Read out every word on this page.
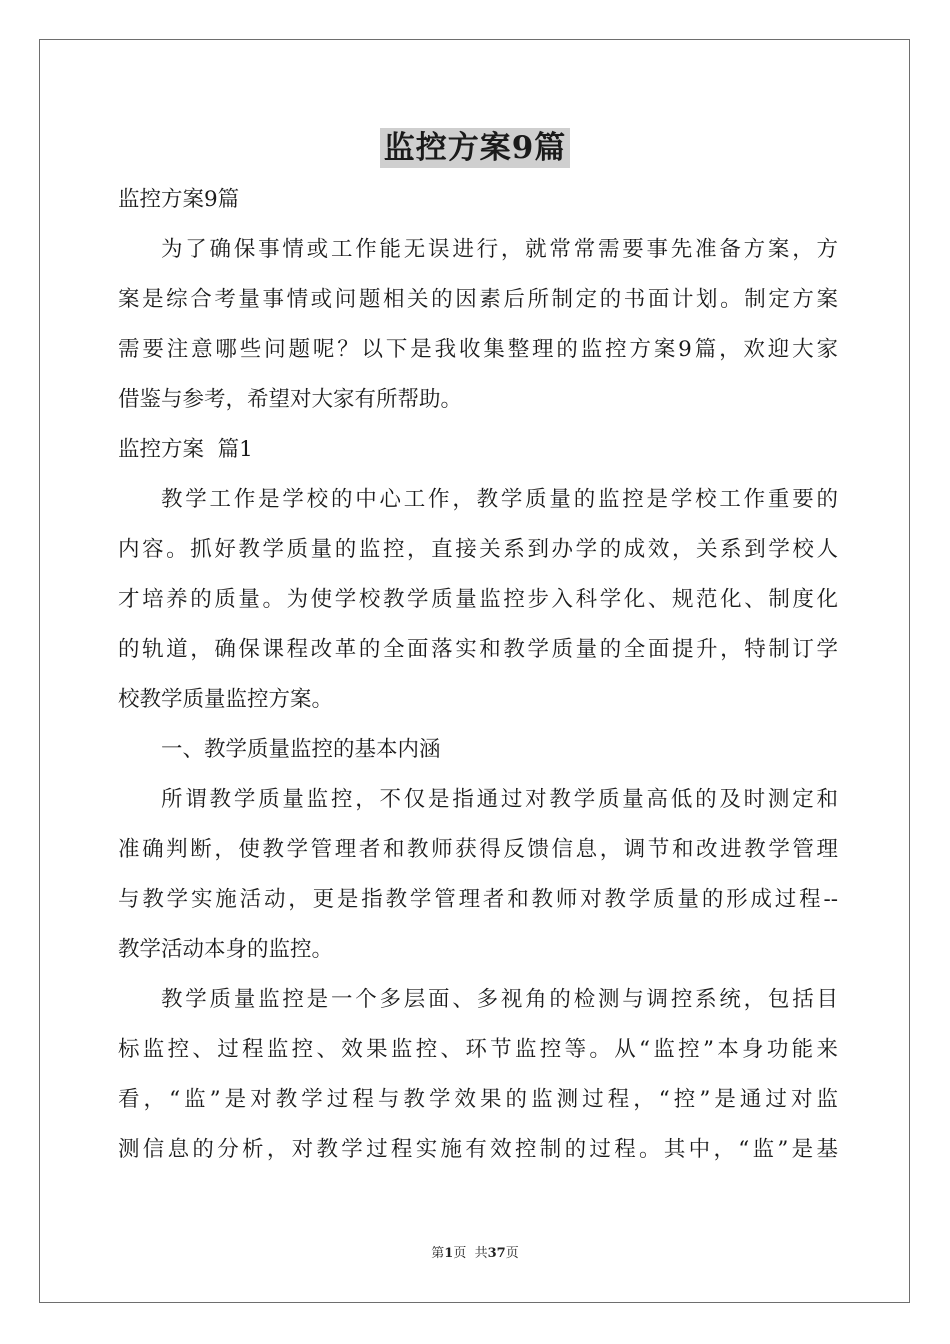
监控方案9篇
监控方案9篇
为了确保事情或工作能无误进行，就常常需要事先准备方案，方
案是综合考量事情或问题相关的因素后所制定的书面计划。制定方案
需要注意哪些问题呢？以下是我收集整理的监控方案9篇，欢迎大家
借鉴与参考，希望对大家有所帮助。
监控方案  篇1
教学工作是学校的中心工作，教学质量的监控是学校工作重要的
内容。抓好教学质量的监控，直接关系到办学的成效，关系到学校人
才培养的质量。为使学校教学质量监控步入科学化、规范化、制度化
的轨道，确保课程改革的全面落实和教学质量的全面提升，特制订学
校教学质量监控方案。
一、教学质量监控的基本内涵
所谓教学质量监控，不仅是指通过对教学质量高低的及时测定和
准确判断，使教学管理者和教师获得反馈信息，调节和改进教学管理
与教学实施活动，更是指教学管理者和教师对教学质量的形成过程--
教学活动本身的监控。
教学质量监控是一个多层面、多视角的检测与调控系统，包括目
标监控、过程监控、效果监控、环节监控等。从“监控”本身功能来
看，“监”是对教学过程与教学效果的监测过程，“控”是通过对监
测信息的分析，对教学过程实施有效控制的过程。其中，“监”是基
第1页  共37页
